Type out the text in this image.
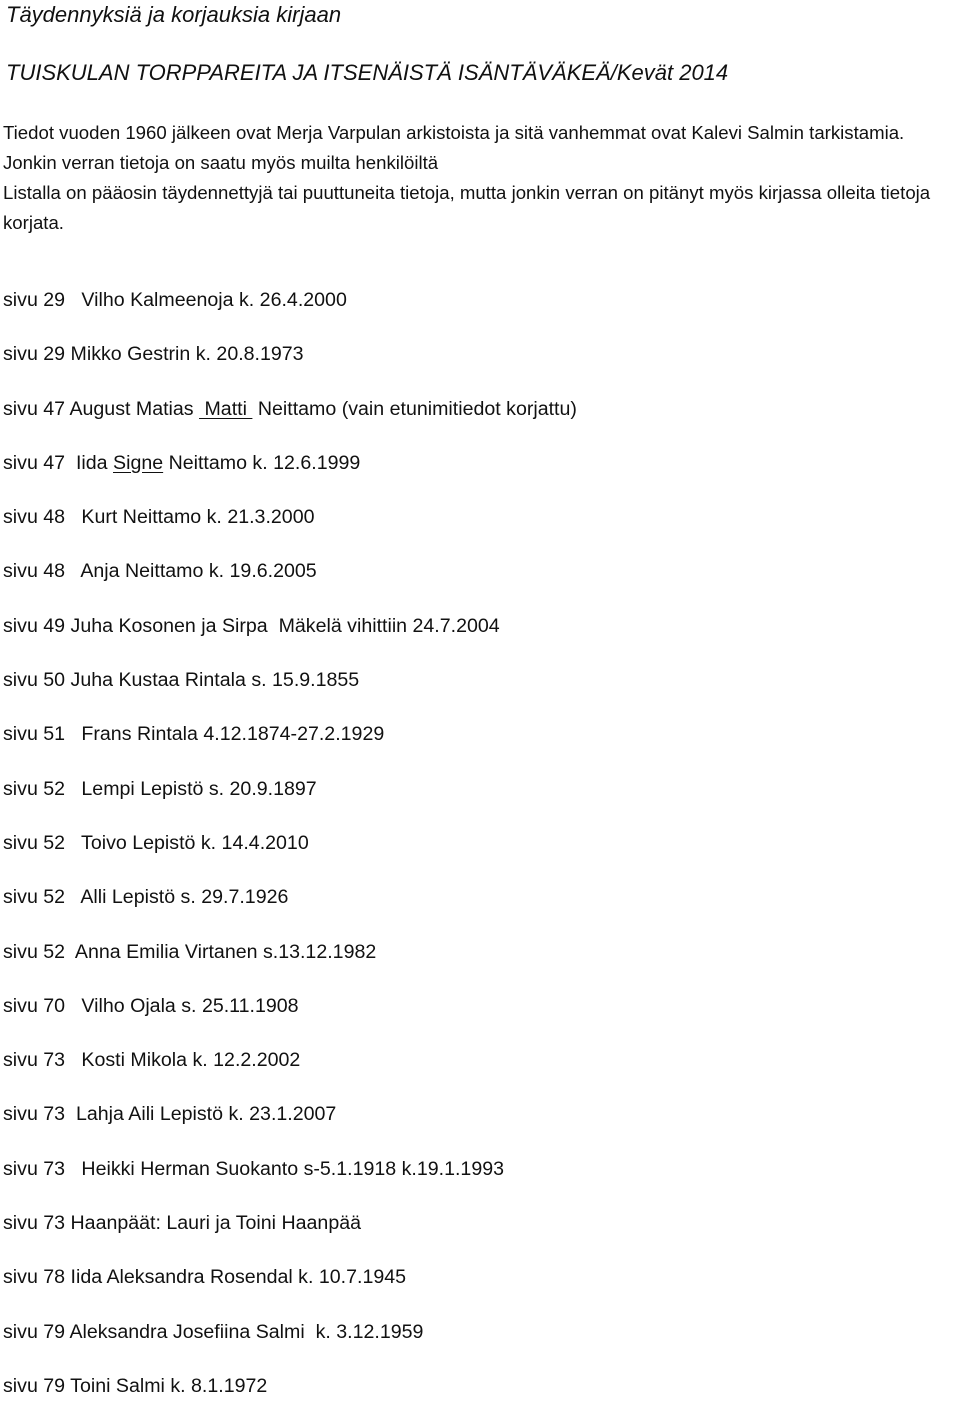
Täydennyksiä ja korjauksia kirjaan
TUISKULAN TORPPAREITA JA ITSENÄISTÄ ISÄNTÄVÄKEÄ/Kevät 2014

Tiedot vuoden 1960 jälkeen ovat Merja Varpulan arkistoista ja sitä vanhemmat ovat Kalevi Salmin tarkistamia. Jonkin verran tietoja on saatu myös muilta henkilöiltä

Listalla on pääosin täydennettyjä tai puuttuneita tietoja, mutta jonkin verran on pitänyt myös kirjassa olleita tietoja korjata.

sivu 29   Vilho Kalmeenoja k. 26.4.2000
sivu 29 Mikko Gestrin k. 20.8.1973
sivu 47 August Matias  Matti  Neittamo (vain etunimitiedot korjattu)
sivu 47  Iida Signe Neittamo k. 12.6.1999
sivu 48   Kurt Neittamo k. 21.3.2000
sivu 48   Anja Neittamo k. 19.6.2005
sivu 49 Juha Kosonen ja Sirpa  Mäkelä vihittiin 24.7.2004
sivu 50 Juha Kustaa Rintala s. 15.9.1855
sivu 51   Frans Rintala 4.12.1874-27.2.1929
sivu 52   Lempi Lepistö s. 20.9.1897
sivu 52   Toivo Lepistö k. 14.4.2010
sivu 52   Alli Lepistö s. 29.7.1926
sivu 52  Anna Emilia Virtanen s.13.12.1982
sivu 70   Vilho Ojala s. 25.11.1908
sivu 73   Kosti Mikola k. 12.2.2002
sivu 73  Lahja Aili Lepistö k. 23.1.2007
sivu 73   Heikki Herman Suokanto s-5.1.1918 k.19.1.1993
sivu 73 Haanpäät: Lauri ja Toini Haanpää
sivu 78 Iida Aleksandra Rosendal k. 10.7.1945
sivu 79 Aleksandra Josefiina Salmi  k. 3.12.1959
sivu 79 Toini Salmi k. 8.1.1972
